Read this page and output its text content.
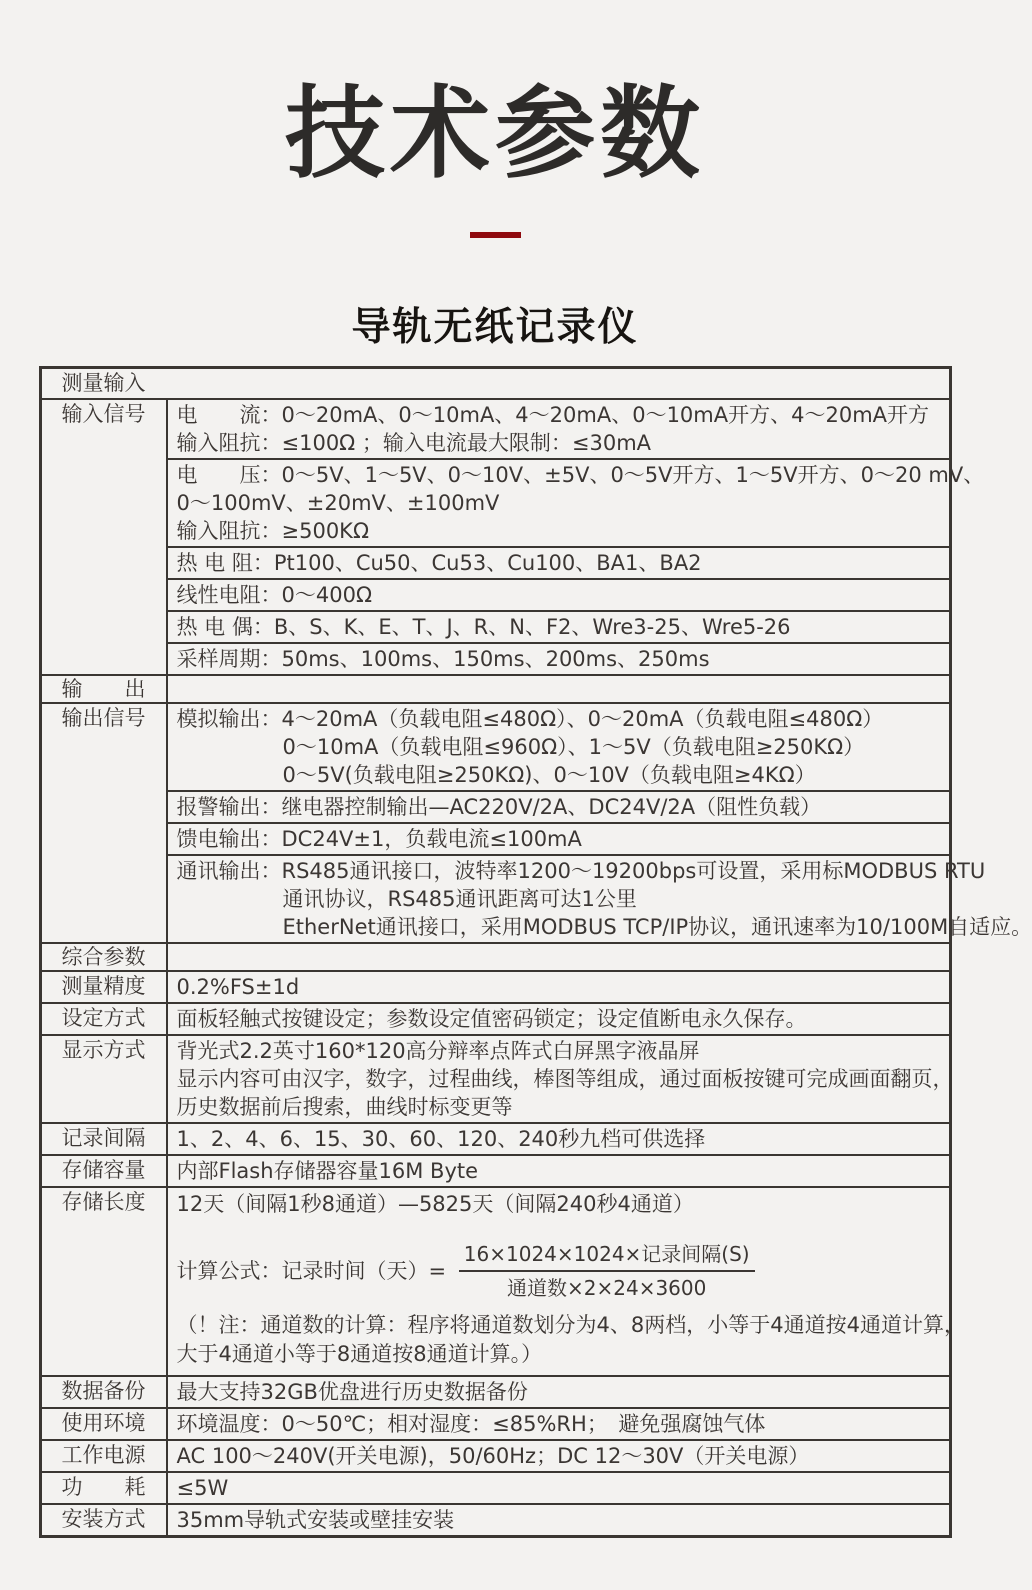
技术参数
导轨无纸记录仪
测量输入
输入信号	电　　流：0～20mA、0～10mA、4～20mA、0～10mA开方、4～20mA开方
输入阻抗：≤100Ω ；输入电流最大限制：≤30mA
电　　压：0～5V、1～5V、0～10V、±5V、0～5V开方、1～5V开方、0～20 mV、
0～100mV、±20mV、±100mV
输入阻抗：≥500KΩ
热 电 阻：Pt100、Cu50、Cu53、Cu100、BA1、BA2
线性电阻：0～400Ω
热 电 偶：B、S、K、E、T、J、R、N、F2、Wre3-25、Wre5-26
采样周期：50ms、100ms、150ms、200ms、250ms
输　　出
输出信号	模拟输出：4～20mA（负载电阻≤480Ω）、0～20mA（负载电阻≤480Ω）
0～10mA（负载电阻≤960Ω）、1～5V（负载电阻≥250KΩ）
0～5V(负载电阻≥250KΩ)、0～10V（负载电阻≥4KΩ）
报警输出：继电器控制输出—AC220V/2A、DC24V/2A（阻性负载）
馈电输出：DC24V±1，负载电流≤100mA
通讯输出：RS485通讯接口，波特率1200～19200bps可设置，采用标MODBUS RTU
通讯协议，RS485通讯距离可达1公里
EtherNet通讯接口，采用MODBUS TCP/IP协议，通讯速率为10/100M自适应。
综合参数
测量精度	0.2%FS±1d
设定方式	面板轻触式按键设定；参数设定值密码锁定；设定值断电永久保存。
显示方式	背光式2.2英寸160*120高分辩率点阵式白屏黑字液晶屏
显示内容可由汉字，数字，过程曲线，棒图等组成，通过面板按键可完成画面翻页，
历史数据前后搜索，曲线时标变更等
记录间隔	1、2、4、6、15、30、60、120、240秒九档可供选择
存储容量	内部Flash存储器容量16M Byte
存储长度	12天（间隔1秒8通道）—5825天（间隔240秒4通道）
计算公式：记录时间（天）= $\frac{\text{16×1024×1024×记录间隔(S)}}{\text{通道数×2×24×3600}}$
（！注：通道数的计算：程序将通道数划分为4、8两档，小等于4通道按4通道计算，
大于4通道小等于8通道按8通道计算。）
数据备份	最大支持32GB优盘进行历史数据备份
使用环境	环境温度：0～50℃；相对湿度：≤85%RH；　避免强腐蚀气体
工作电源	AC 100～240V(开关电源)，50/60Hz；DC 12～30V（开关电源）
功　　耗	≤5W
安装方式	35mm导轨式安装或壁挂安装
